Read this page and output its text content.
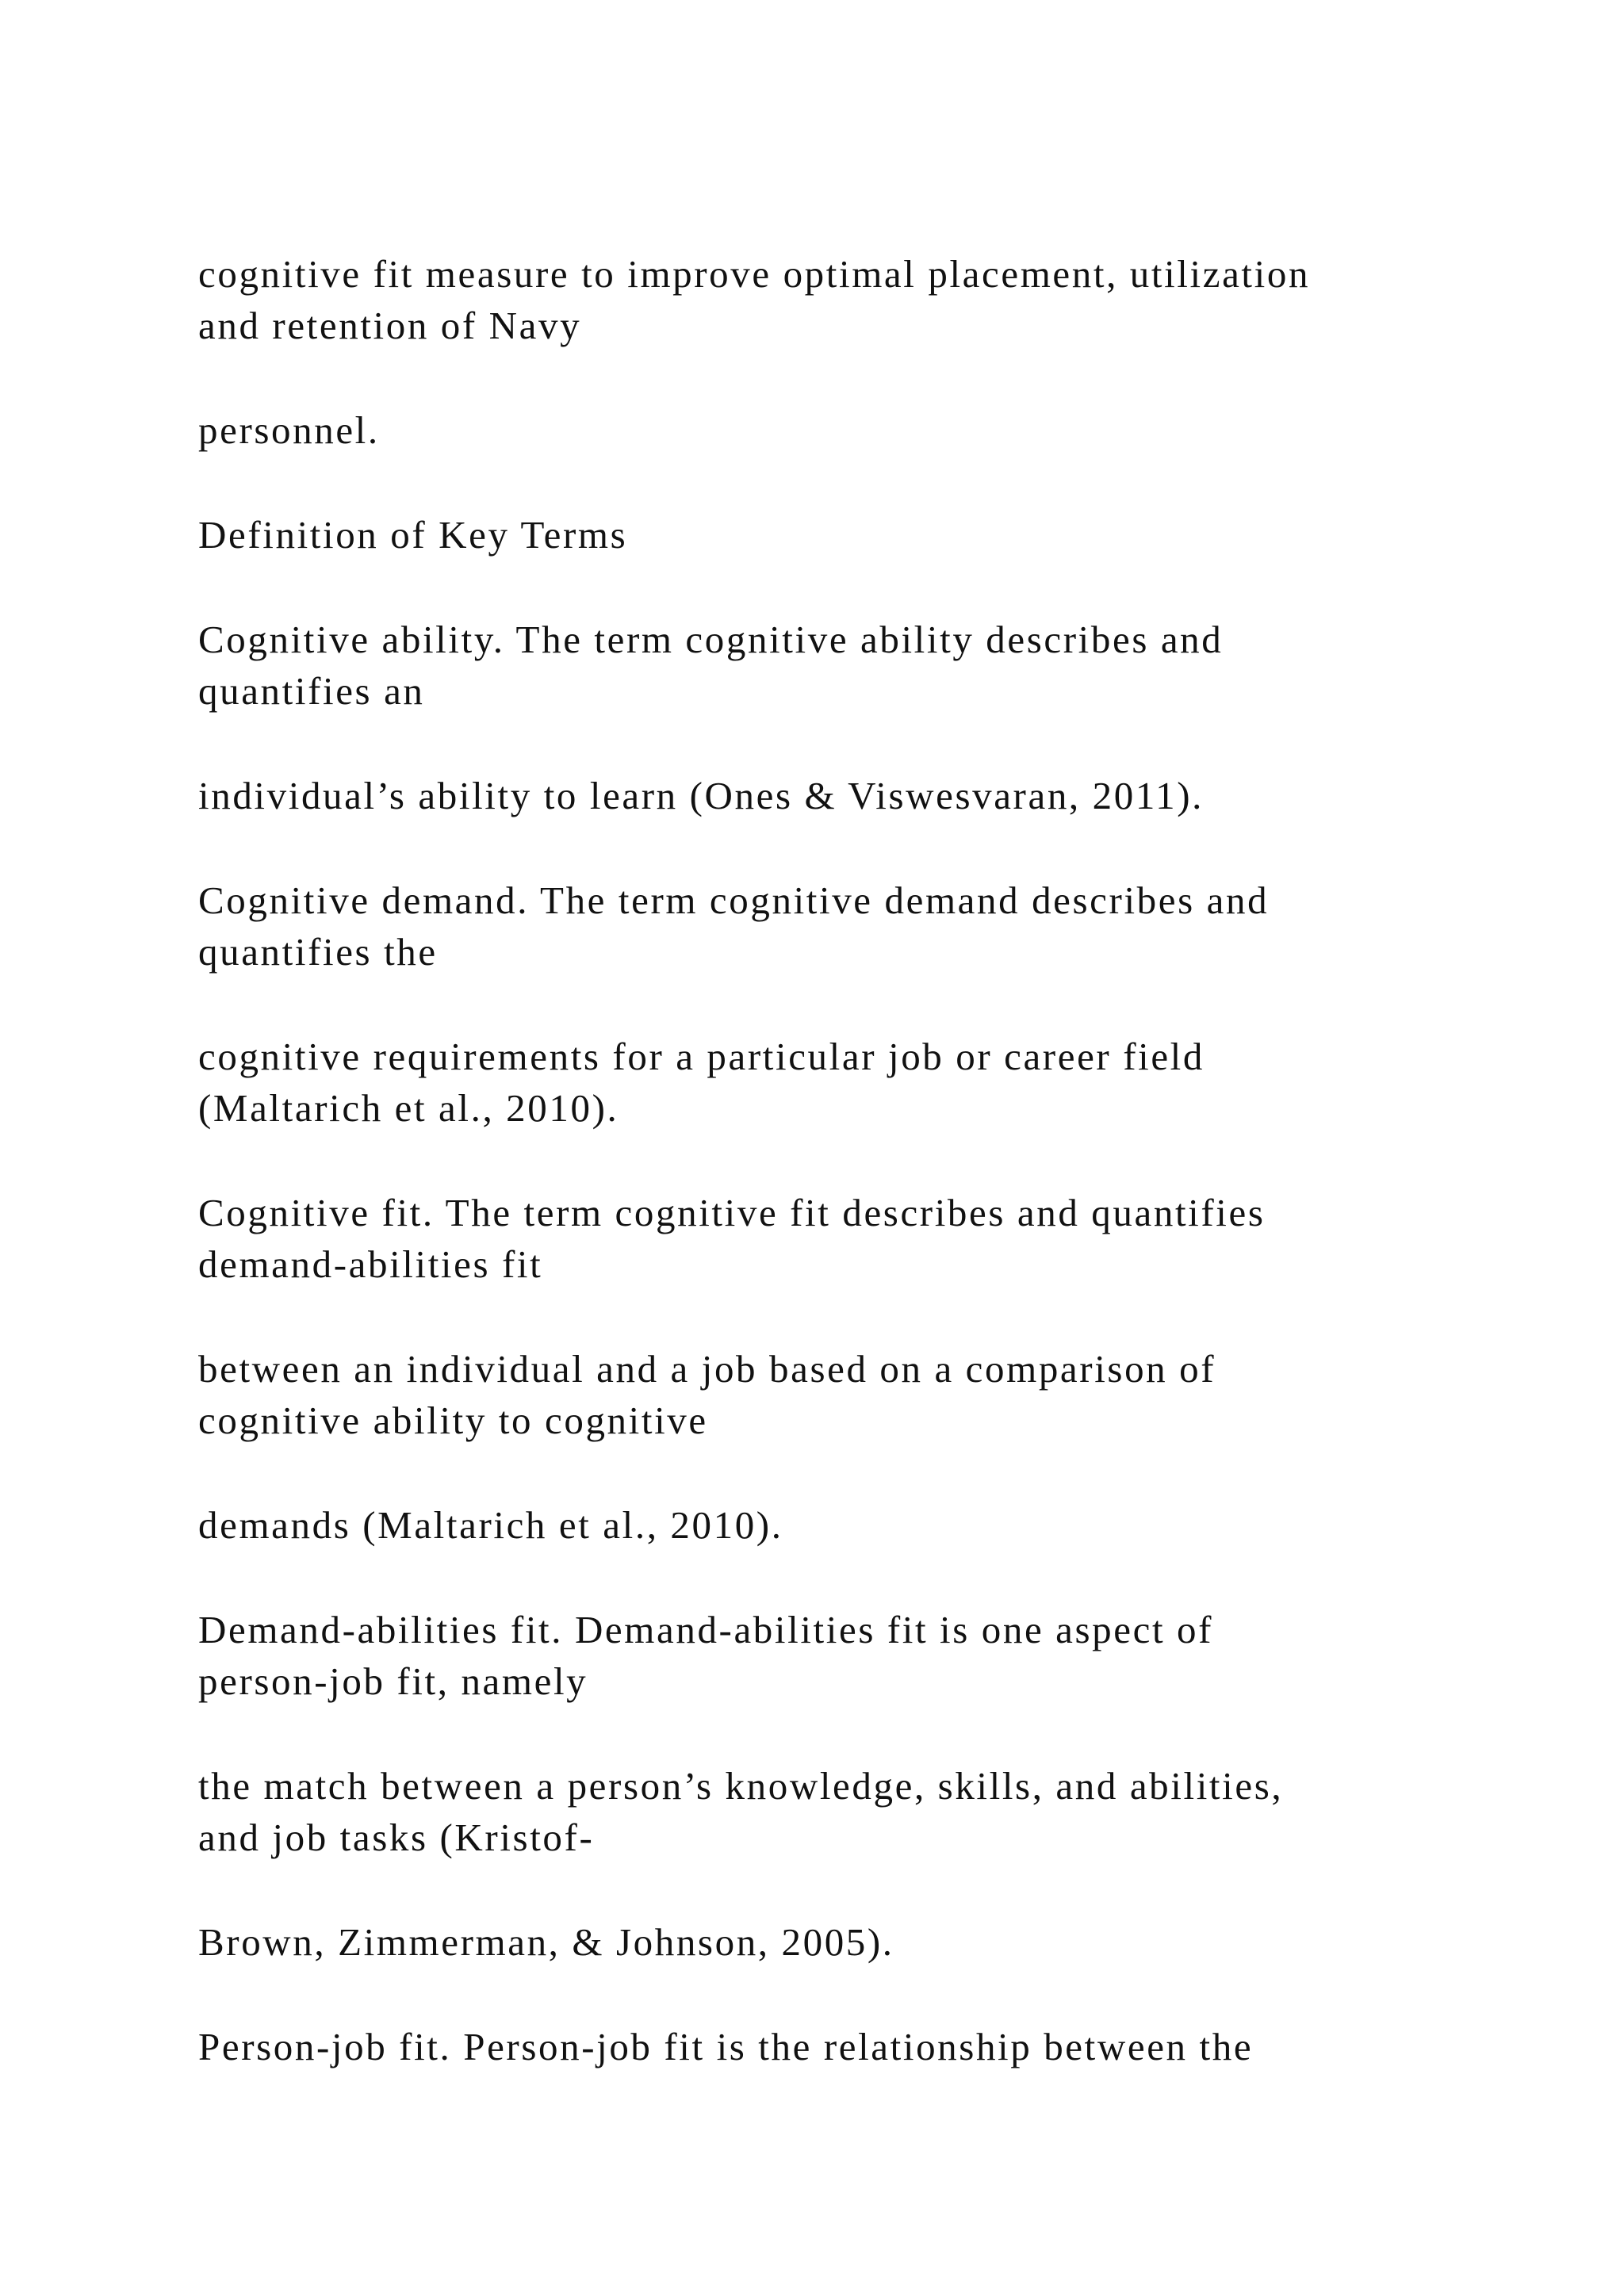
cognitive fit measure to improve optimal placement, utilization
and retention of Navy

personnel.

Definition of Key Terms

Cognitive ability. The term cognitive ability describes and
quantifies an

individual’s ability to learn (Ones & Viswesvaran, 2011).

Cognitive demand. The term cognitive demand describes and
quantifies the

cognitive requirements for a particular job or career field
(Maltarich et al., 2010).

Cognitive fit. The term cognitive fit describes and quantifies
demand-abilities fit

between an individual and a job based on a comparison of
cognitive ability to cognitive

demands (Maltarich et al., 2010).

Demand-abilities fit. Demand-abilities fit is one aspect of
person-job fit, namely

the match between a person’s knowledge, skills, and abilities,
and job tasks (Kristof-

Brown, Zimmerman, & Johnson, 2005).

Person-job fit. Person-job fit is the relationship between the
